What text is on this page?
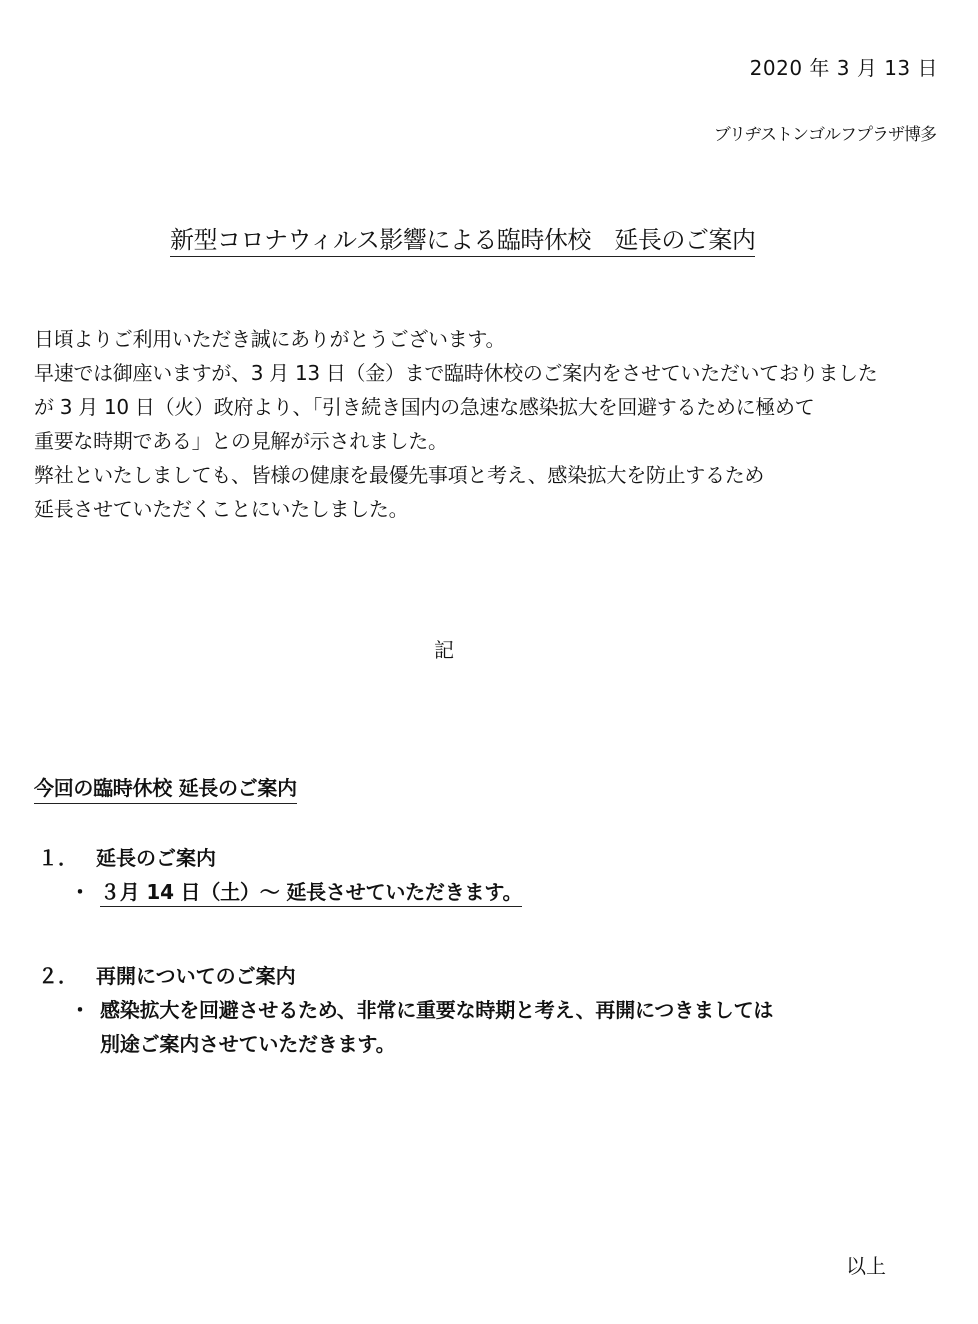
2020 年 3 月 13 日
ブリヂストンゴルフプラザ博多
新型コロナウィルス影響による臨時休校　延長のご案内

日頃よりご利用いただき誠にありがとうございます。

早速では御座いますが、3 月 13 日（金）まで臨時休校のご案内をさせていただいておりました

が 3 月 10 日（火）政府より、「引き続き国内の急速な感染拡大を回避するために極めて

重要な時期である」との見解が示されました。

弊社といたしましても、皆様の健康を最優先事項と考え、感染拡大を防止するため

延長させていただくことにいたしました。

記
今回の臨時休校 延長のご案内
１． 延長のご案内
・ ３月 14 日（土）～ 延長させていただきます。
２． 再開についてのご案内
・ 感染拡大を回避させるため、非常に重要な時期と考え、再開につきましては
別途ご案内させていただきます。
以上
